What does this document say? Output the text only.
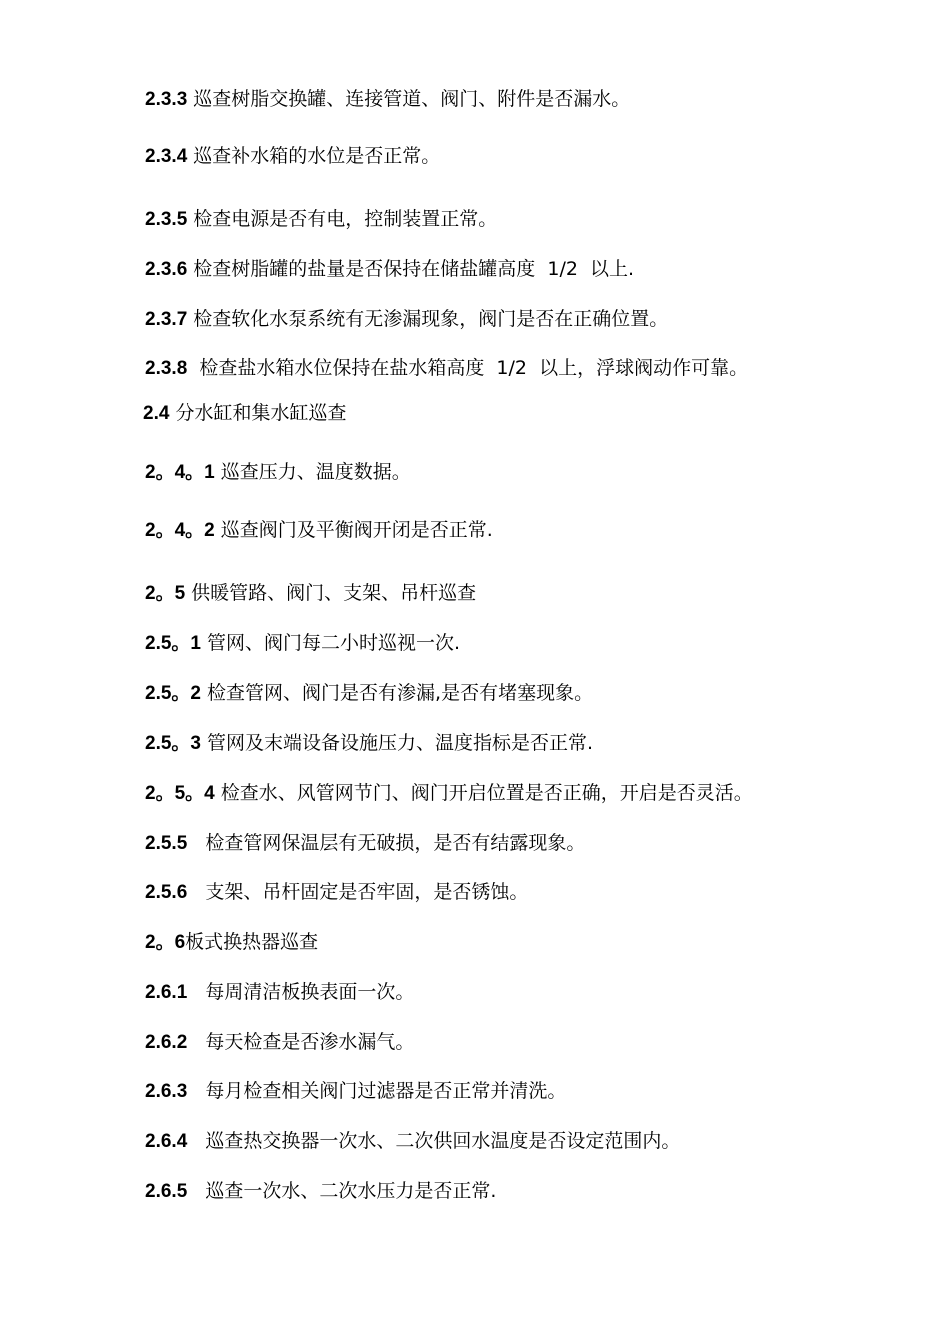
2.3.3 巡查树脂交换罐、连接管道、阀门、附件是否漏水。
2.3.4 巡查补水箱的水位是否正常。
2.3.5 检查电源是否有电，控制装置正常。
2.3.6 检查树脂罐的盐量是否保持在储盐罐高度  1/2  以上.
2.3.7 检查软化水泵系统有无渗漏现象，阀门是否在正确位置。
2.3.8  检查盐水箱水位保持在盐水箱高度  1/2  以上，浮球阀动作可靠。
2.4 分水缸和集水缸巡查
2。4。1 巡查压力、温度数据。
2。4。2 巡查阀门及平衡阀开闭是否正常.
2。5 供暖管路、阀门、支架、吊杆巡查
2.5。1 管网、阀门每二小时巡视一次.
2.5。2 检查管网、阀门是否有渗漏,是否有堵塞现象。
2.5。3 管网及末端设备设施压力、温度指标是否正常.
2。5。4 检查水、风管网节门、阀门开启位置是否正确，开启是否灵活。
2.5.5   检查管网保温层有无破损，是否有结露现象。
2.5.6   支架、吊杆固定是否牢固，是否锈蚀。
2。6板式换热器巡查
2.6.1   每周清洁板换表面一次。
2.6.2   每天检查是否渗水漏气。
2.6.3   每月检查相关阀门过滤器是否正常并清洗。
2.6.4   巡查热交换器一次水、二次供回水温度是否设定范围内。
2.6.5   巡查一次水、二次水压力是否正常.
